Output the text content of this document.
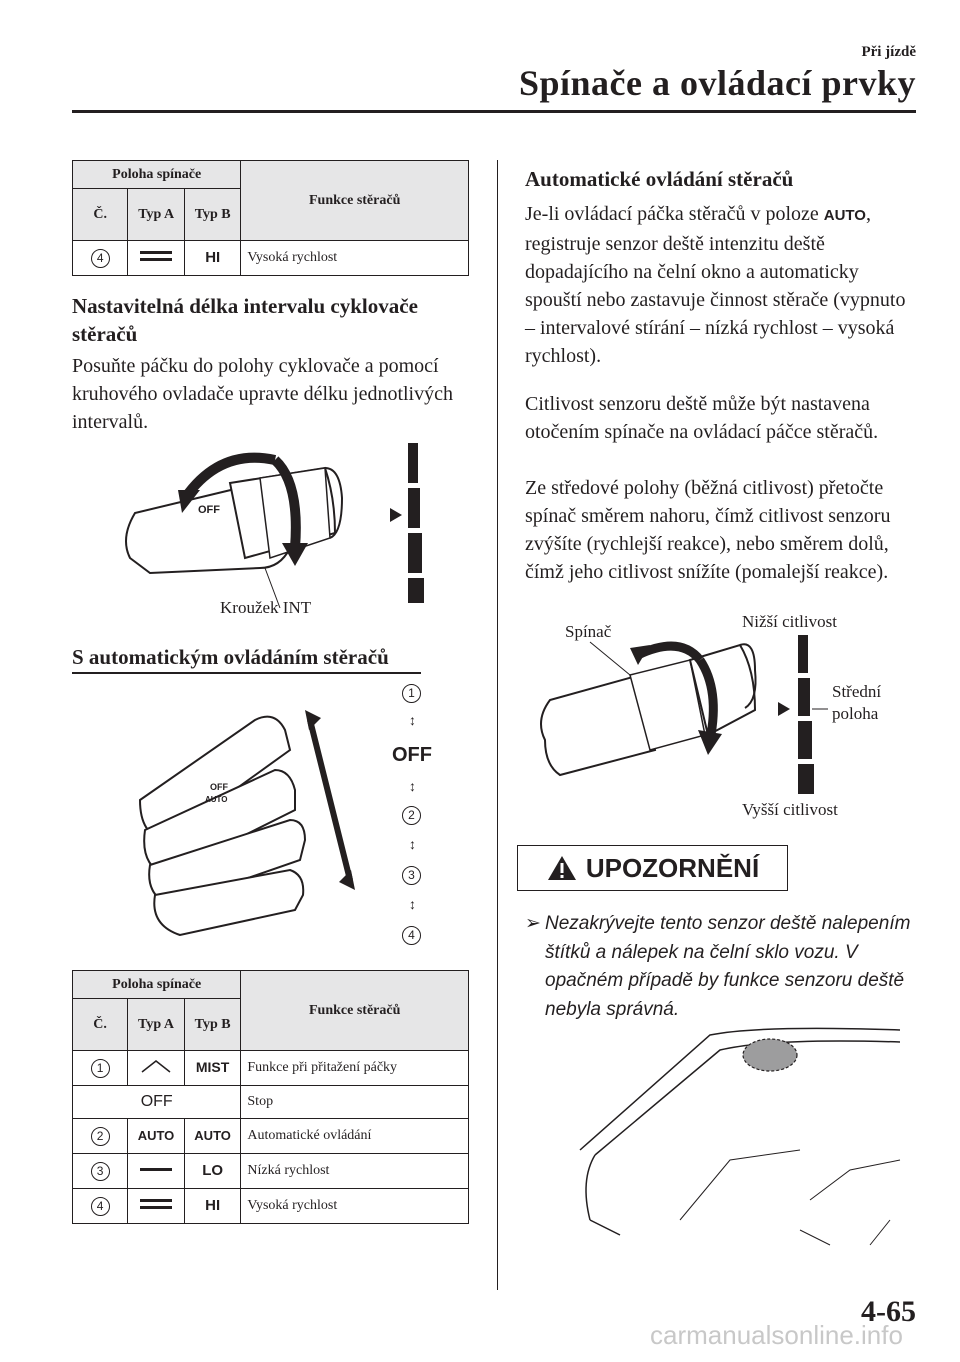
Při jízdě
Spínače a ovládací prvky
Poloha spínače			Funkce stěračů
Č.	Typ A	Typ B	
4		HI	Vysoká rychlost
Nastavitelná délka intervalu cyklovače stěračů
Posuňte páčku do polohy cyklovače a pomocí kruhového ovladače upravte délku jednotlivých intervalů.
OFF
Kroužek INT
S automatickým ovládáním stěračů
OFF
AUTO
1
↕
OFF
↕
2
↕
3
↕
4
Poloha spínače			Funkce stěračů
Č.	Typ A	Typ B	
1		MIST	Funkce při přitažení páčky
OFF			Stop
2	AUTO	AUTO	Automatické ovládání
3		LO	Nízká rychlost
4		HI	Vysoká rychlost
Automatické ovládání stěračů
Je-li ovládací páčka stěračů v poloze AUTO, registruje senzor deště intenzitu deště dopadajícího na čelní okno a automaticky spouští nebo zastavuje činnost stěrače (vypnuto – intervalové stírání – nízká rychlost – vysoká rychlost).
Citlivost senzoru deště může být nastavena otočením spínače na ovládací páčce stěračů.
Ze středové polohy (běžná citlivost) přetočte spínač směrem nahoru, čímž citlivost senzoru zvýšíte (rychlejší reakce), nebo směrem dolů, čímž jeho citlivost snížíte (pomalejší reakce).
Spínač
Nižší citlivost
Střední
poloha
Vyšší citlivost
UPOZORNĚNÍ
➢ Nezakrývejte tento senzor deště nalepením štítků a nálepek na čelní sklo vozu. V opačném případě by funkce senzoru deště nebyla správná.
4-65
carmanualsonline.info
